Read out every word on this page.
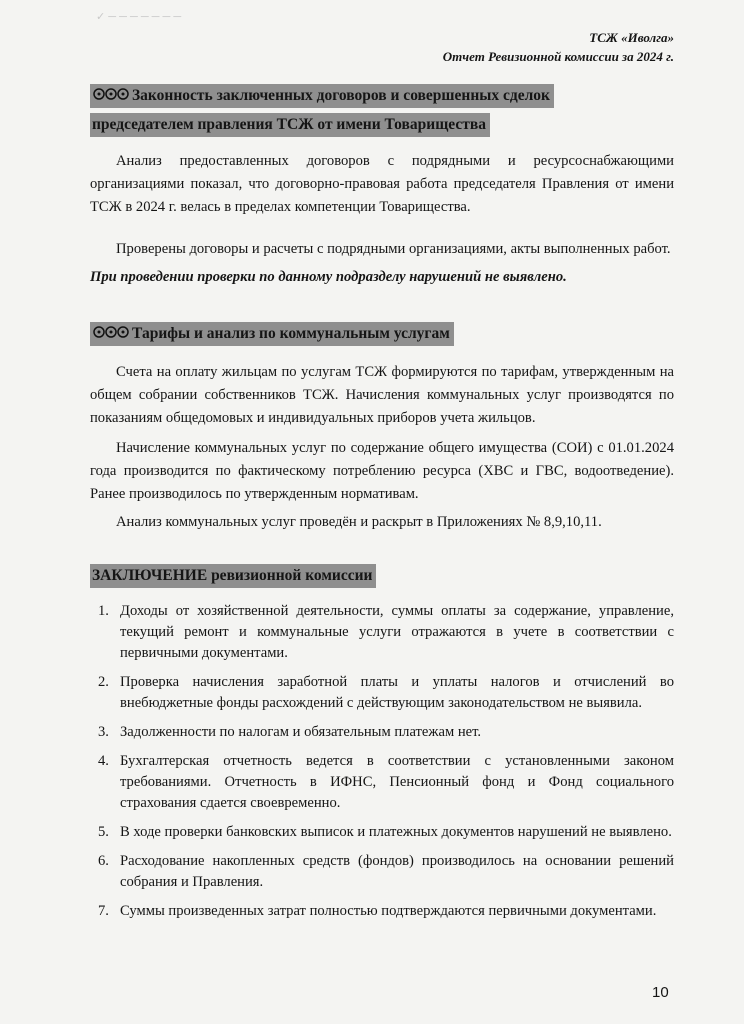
✓ ─ ─ ─ ─ ─ ─ ─
ТСЖ «Иволга»
Отчет Ревизионной комиссии за 2024 г.
Законность заключенных договоров и совершенных сделок
председателем правления ТСЖ от имени Товарищества
Анализ предоставленных договоров с подрядными и ресурсоснабжающими организациями показал, что договорно-правовая работа председателя Правления от имени ТСЖ в 2024 г. велась в пределах компетенции Товарищества.
Проверены договоры и расчеты с подрядными организациями, акты выполненных работ.
При проведении проверки по данному подразделу нарушений не выявлено.
Тарифы и анализ по коммунальным услугам
Счета на оплату жильцам по услугам ТСЖ формируются по тарифам, утвержденным на общем собрании собственников ТСЖ. Начисления коммунальных услуг производятся по показаниям общедомовых и индивидуальных приборов учета жильцов.
Начисление коммунальных услуг по содержание общего имущества (СОИ) с 01.01.2024 года производится по фактическому потреблению ресурса (ХВС и ГВС, водоотведение). Ранее производилось по утвержденным нормативам.
Анализ коммунальных услуг проведён и раскрыт в Приложениях № 8,9,10,11.
ЗАКЛЮЧЕНИЕ ревизионной комиссии
1. Доходы от хозяйственной деятельности, суммы оплаты за содержание, управление, текущий ремонт и коммунальные услуги отражаются в учете в соответствии с первичными документами.
2. Проверка начисления заработной платы и уплаты налогов и отчислений во внебюджетные фонды расхождений с действующим законодательством не выявила.
3. Задолженности по налогам и обязательным платежам нет.
4. Бухгалтерская отчетность ведется в соответствии с установленными законом требованиями. Отчетность в ИФНС, Пенсионный фонд и Фонд социального страхования сдается своевременно.
5. В ходе проверки банковских выписок и платежных документов нарушений не выявлено.
6. Расходование накопленных средств (фондов) производилось на основании решений собрания и Правления.
7. Суммы произведенных затрат полностью подтверждаются первичными документами.
10
